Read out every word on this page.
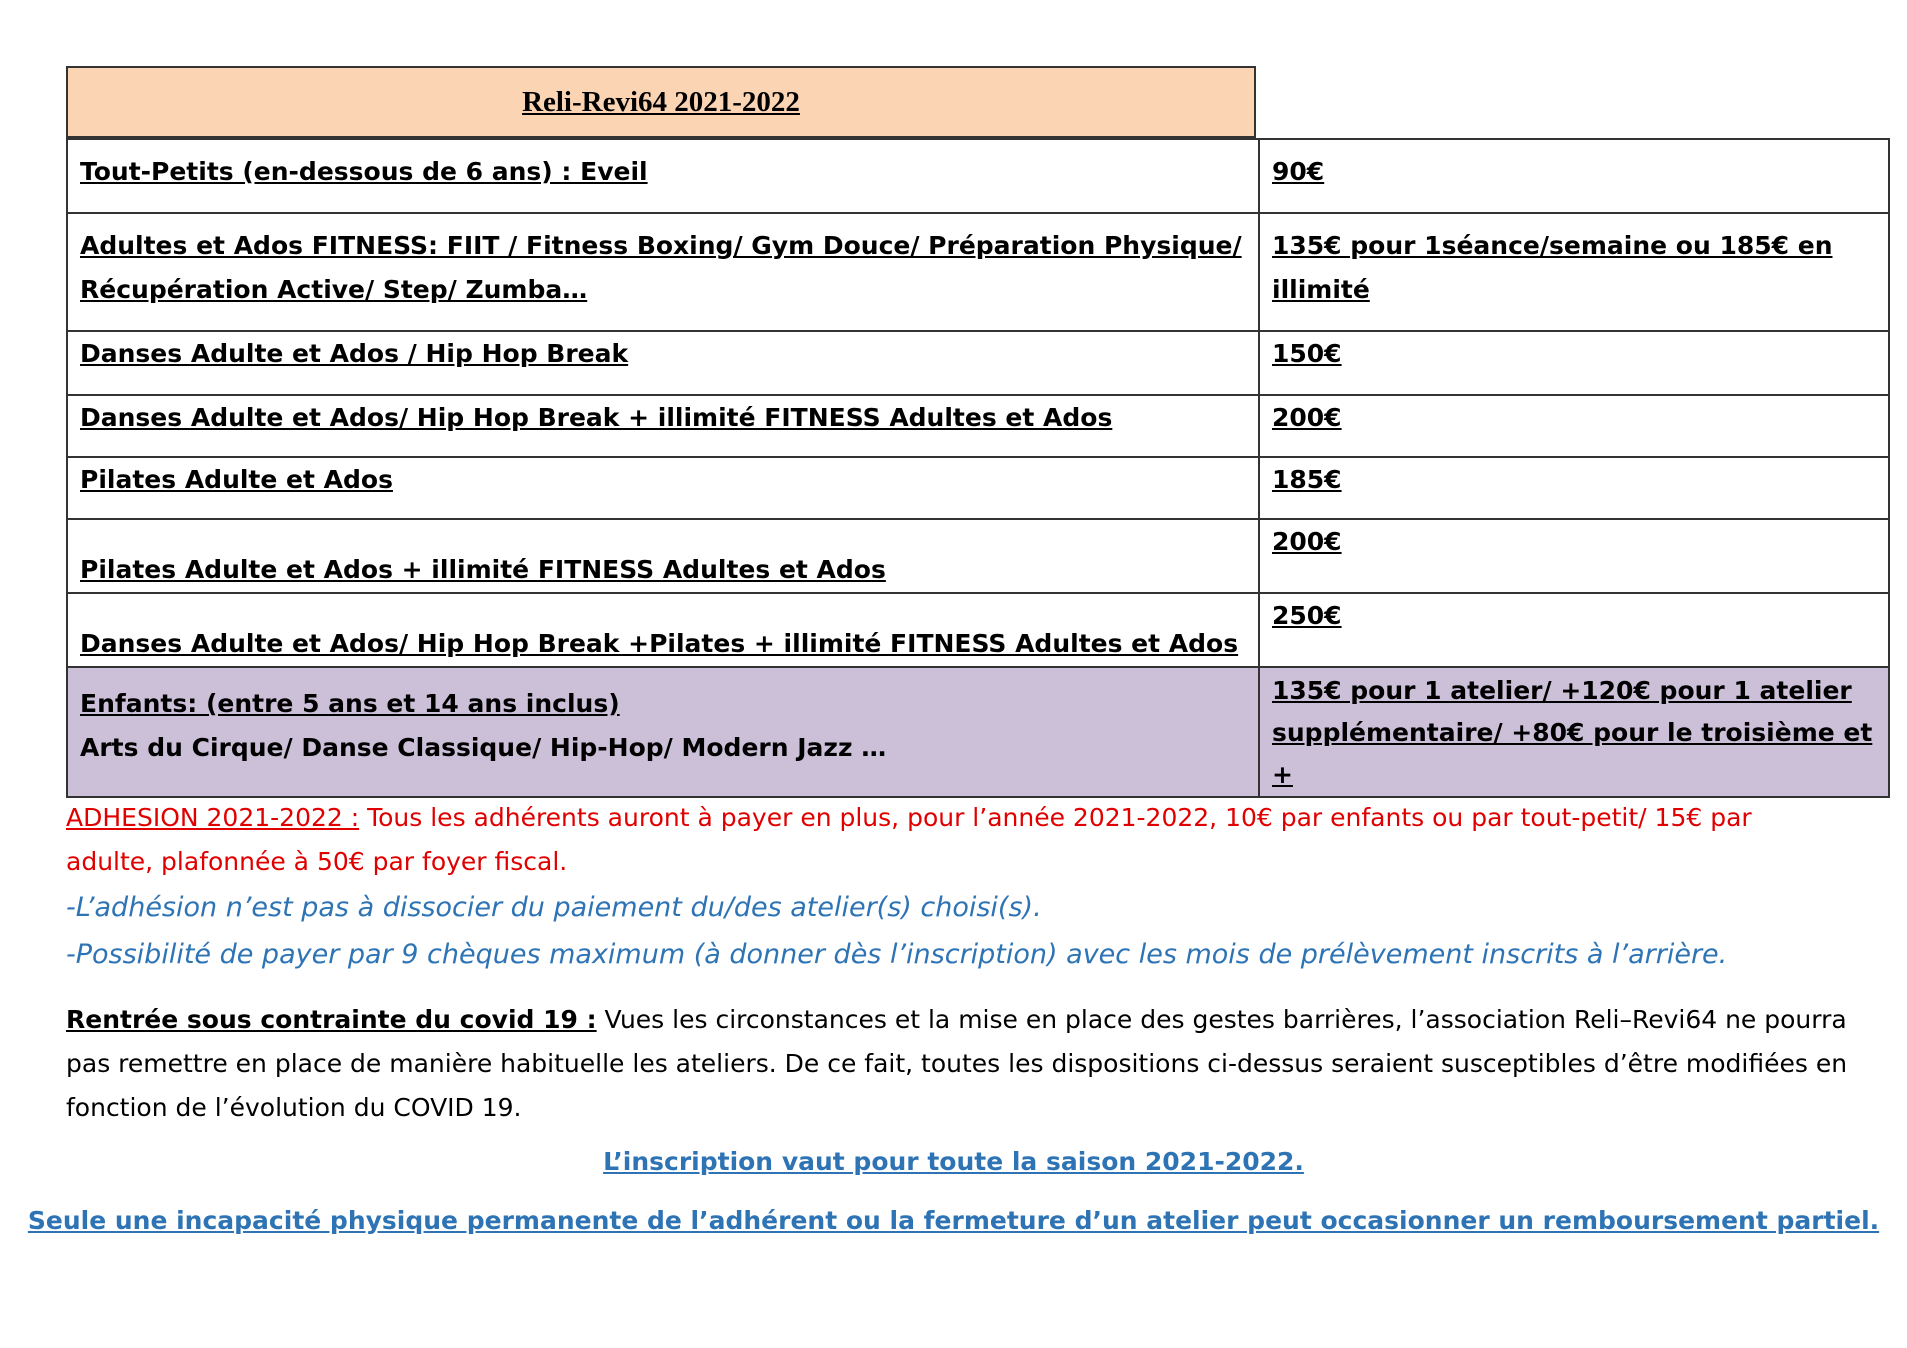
Reli-Revi64 2021-2022
Tout-Petits (en-dessous de 6 ans) : Eveil	90€
Adultes et Ados FITNESS: FIIT / Fitness Boxing/ Gym Douce/ Préparation Physique/ Récupération Active/ Step/ Zumba…	135€ pour 1séance/semaine ou 185€ en illimité
Danses Adulte et Ados / Hip Hop Break	150€
Danses Adulte et Ados/ Hip Hop Break + illimité FITNESS Adultes et Ados	200€
Pilates Adulte et Ados	185€
Pilates Adulte et Ados + illimité FITNESS Adultes et Ados	200€
Danses Adulte et Ados/ Hip Hop Break +Pilates + illimité FITNESS Adultes et Ados	250€

Enfants: (entre 5 ans et 14 ans inclus)
Arts du Cirque/ Danse Classique/ Hip-Hop/ Modern Jazz …	135€ pour 1 atelier/ +120€ pour 1 atelier supplémentaire/ +80€ pour le troisième et +
ADHESION 2021-2022 : Tous les adhérents auront à payer en plus, pour l’année 2021-2022, 10€ par enfants ou par tout-petit/ 15€ par adulte, plafonnée à 50€ par foyer fiscal.
-L’adhésion n’est pas à dissocier du paiement du/des atelier(s) choisi(s).
-Possibilité de payer par 9 chèques maximum (à donner dès l’inscription) avec les mois de prélèvement inscrits à l’arrière.
Rentrée sous contrainte du covid 19 : Vues les circonstances et la mise en place des gestes barrières, l’association Reli–Revi64 ne pourra pas remettre en place de manière habituelle les ateliers. De ce fait, toutes les dispositions ci-dessus seraient susceptibles d’être modifiées en fonction de l’évolution du COVID 19.
L’inscription vaut pour toute la saison 2021-2022.
Seule une incapacité physique permanente de l’adhérent ou la fermeture d’un atelier peut occasionner un remboursement partiel.
